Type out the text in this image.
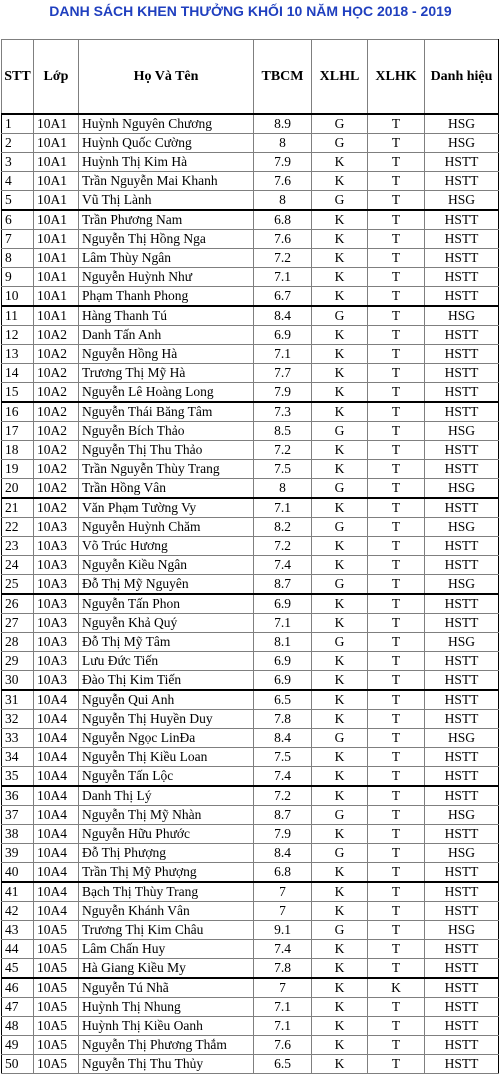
DANH SÁCH KHEN THƯỞNG KHỐI 10 NĂM HỌC 2018 - 2019
STT	Lớp	Họ Và Tên	TBCM	XLHL	XLHK	Danh hiệu
1	10A1	Huỳnh Nguyên Chương	8.9	G	T	HSG
2	10A1	Huỳnh Quốc Cường	8	G	T	HSG
3	10A1	Huỳnh Thị Kim Hà	7.9	K	T	HSTT
4	10A1	Trần Nguyễn Mai Khanh	7.6	K	T	HSTT
5	10A1	Vũ Thị Lành	8	G	T	HSG
6	10A1	Trần Phương Nam	6.8	K	T	HSTT
7	10A1	Nguyễn Thị Hồng Nga	7.6	K	T	HSTT
8	10A1	Lâm Thùy Ngân	7.2	K	T	HSTT
9	10A1	Nguyễn Huỳnh Như	7.1	K	T	HSTT
10	10A1	Phạm Thanh Phong	6.7	K	T	HSTT
11	10A1	Hàng Thanh Tú	8.4	G	T	HSG
12	10A2	Danh Tấn Anh	6.9	K	T	HSTT
13	10A2	Nguyễn Hồng Hà	7.1	K	T	HSTT
14	10A2	Trương Thị Mỹ Hà	7.7	K	T	HSTT
15	10A2	Nguyễn Lê Hoàng Long	7.9	K	T	HSTT
16	10A2	Nguyễn Thái Băng Tâm	7.3	K	T	HSTT
17	10A2	Nguyễn Bích Thảo	8.5	G	T	HSG
18	10A2	Nguyễn Thị Thu Thảo	7.2	K	T	HSTT
19	10A2	Trần Nguyễn Thùy Trang	7.5	K	T	HSTT
20	10A2	Trần Hồng Vân	8	G	T	HSG
21	10A2	Văn Phạm Tường Vy	7.1	K	T	HSTT
22	10A3	Nguyễn Huỳnh Chăm	8.2	G	T	HSG
23	10A3	Võ Trúc Hương	7.2	K	T	HSTT
24	10A3	Nguyễn Kiều Ngân	7.4	K	T	HSTT
25	10A3	Đỗ Thị Mỹ Nguyên	8.7	G	T	HSG
26	10A3	Nguyễn Tấn Phon	6.9	K	T	HSTT
27	10A3	Nguyễn Khả Quý	7.1	K	T	HSTT
28	10A3	Đỗ Thị Mỹ Tâm	8.1	G	T	HSG
29	10A3	Lưu Đức Tiến	6.9	K	T	HSTT
30	10A3	Đào Thị Kim Tiến	6.9	K	T	HSTT
31	10A4	Nguyễn Qui Anh	6.5	K	T	HSTT
32	10A4	Nguyễn Thị Huyền Duy	7.8	K	T	HSTT
33	10A4	Nguyễn Ngọc LinĐa	8.4	G	T	HSG
34	10A4	Nguyễn Thị Kiều Loan	7.5	K	T	HSTT
35	10A4	Nguyễn Tấn Lộc	7.4	K	T	HSTT
36	10A4	Danh Thị Lý	7.2	K	T	HSTT
37	10A4	Nguyễn Thị Mỹ Nhàn	8.7	G	T	HSG
38	10A4	Nguyễn Hữu Phước	7.9	K	T	HSTT
39	10A4	Đỗ Thị Phượng	8.4	G	T	HSG
40	10A4	Trần Thị Mỹ Phượng	6.8	K	T	HSTT
41	10A4	Bạch Thị Thùy Trang	7	K	T	HSTT
42	10A4	Nguyễn Khánh Vân	7	K	T	HSTT
43	10A5	Trương Thị Kim Châu	9.1	G	T	HSG
44	10A5	Lâm Chấn Huy	7.4	K	T	HSTT
45	10A5	Hà Giang Kiều My	7.8	K	T	HSTT
46	10A5	Nguyễn Tú Nhã	7	K	K	HSTT
47	10A5	Huỳnh Thị Nhung	7.1	K	T	HSTT
48	10A5	Huỳnh Thị Kiều Oanh	7.1	K	T	HSTT
49	10A5	Nguyễn Thị Phương Thắm	7.6	K	T	HSTT
50	10A5	Nguyễn Thị Thu Thủy	6.5	K	T	HSTT
